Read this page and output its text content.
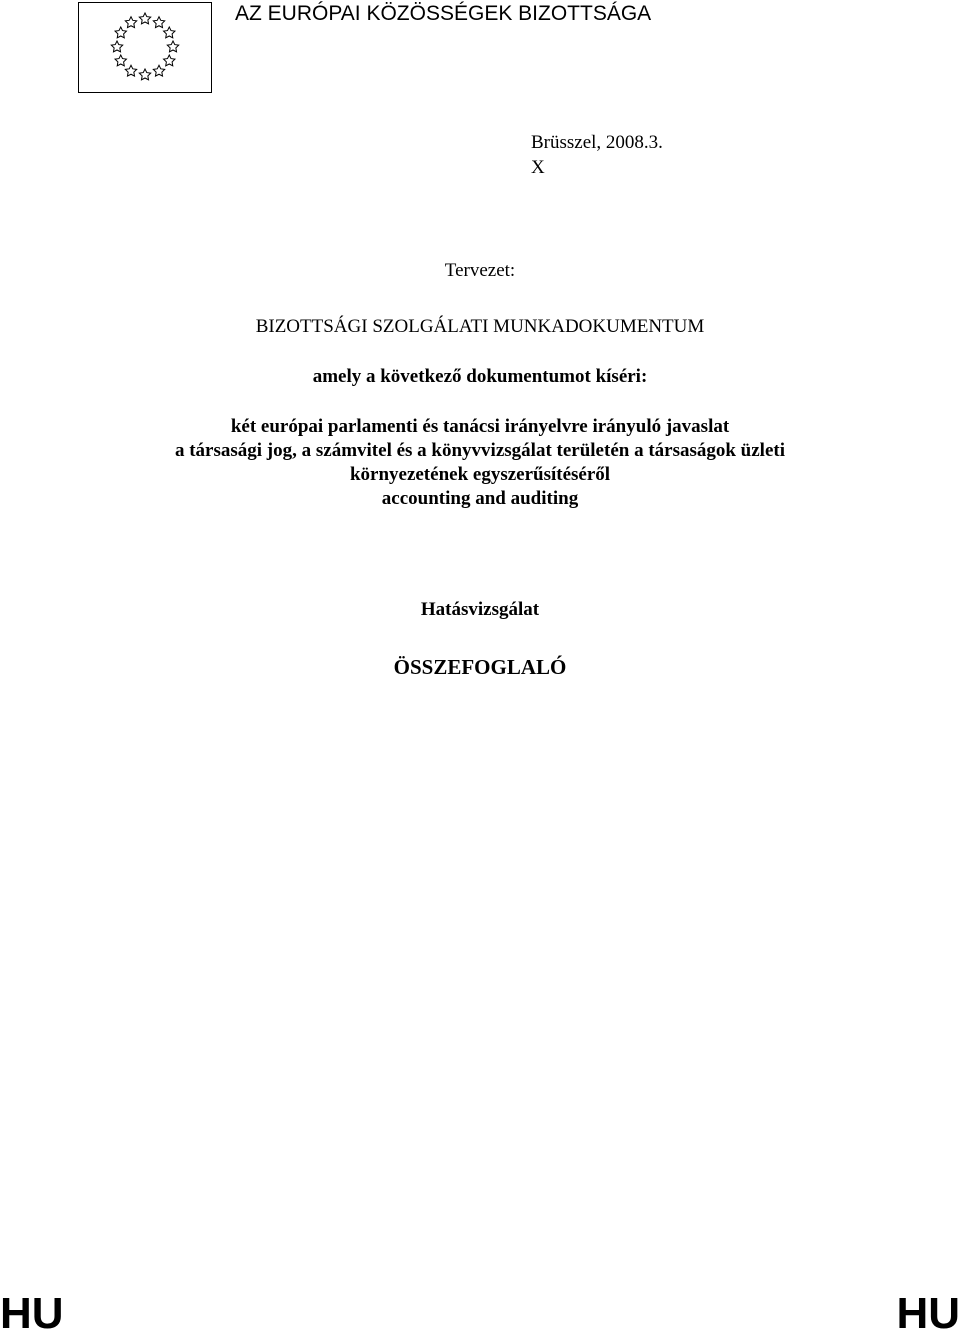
AZ EURÓPAI KÖZÖSSÉGEK BIZOTTSÁGA
Brüsszel, 2008.3.
X
Tervezet:
BIZOTTSÁGI SZOLGÁLATI MUNKADOKUMENTUM
amely a következő dokumentumot kíséri:
két európai parlamenti és tanácsi irányelvre irányuló javaslat
a társasági jog, a számvitel és a könyvvizsgálat területén a társaságok üzleti
környezetének egyszerűsítéséről
accounting and auditing
Hatásvizsgálat
ÖSSZEFOGLALÓ
HU	HU
